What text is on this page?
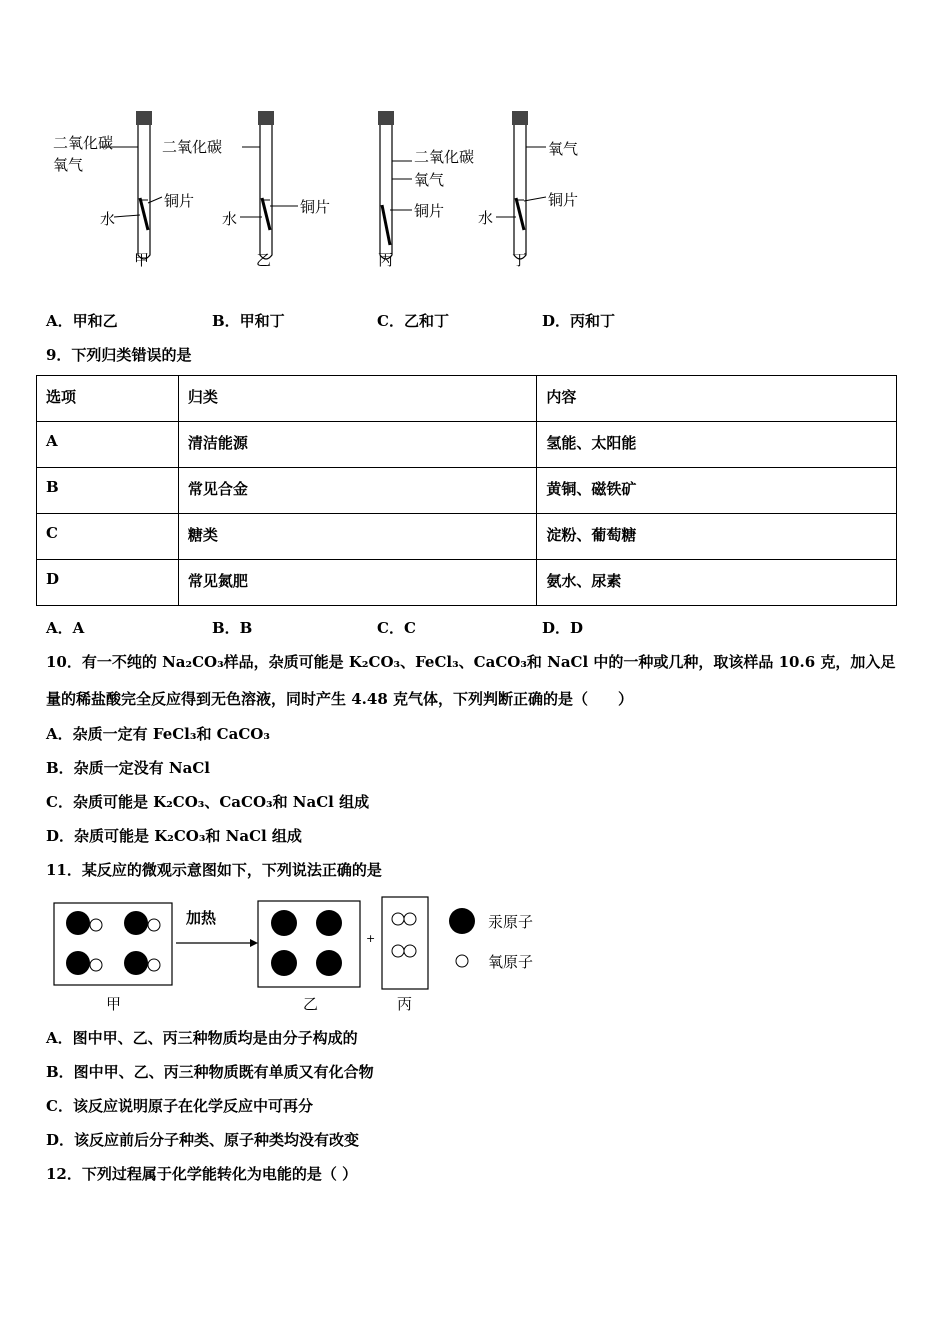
二氧化碳
氧气
铜片
水
甲
二氧化碳
铜片
水
乙
二氧化碳
氧气
铜片
丙
氧气
铜片
水
丁
A．甲和乙	B．甲和丁	C．乙和丁	D．丙和丁
9．下列归类错误的是
选项	归类	内容
A	清洁能源	氢能、太阳能
B	常见合金	黄铜、磁铁矿
C	糖类	淀粉、葡萄糖
D	常见氮肥	氨水、尿素
A．A	B．B	C．C	D．D
10．有一不纯的 Na₂CO₃样品，杂质可能是 K₂CO₃、FeCl₃、CaCO₃和 NaCl 中的一种或几种，取该样品 10.6 克，加入足
量的稀盐酸完全反应得到无色溶液，同时产生 4.48 克气体，下列判断正确的是（　　）
A．杂质一定有 FeCl₃和 CaCO₃
B．杂质一定没有 NaCl
C．杂质可能是 K₂CO₃、CaCO₃和 NaCl 组成
D．杂质可能是 K₂CO₃和 NaCl 组成
11．某反应的微观示意图如下，下列说法正确的是
加热
+
甲	乙	丙
汞原子
氧原子
A．图中甲、乙、丙三种物质均是由分子构成的
B．图中甲、乙、丙三种物质既有单质又有化合物
C．该反应说明原子在化学反应中可再分
D．该反应前后分子种类、原子种类均没有改变
12．下列过程属于化学能转化为电能的是（ ）
